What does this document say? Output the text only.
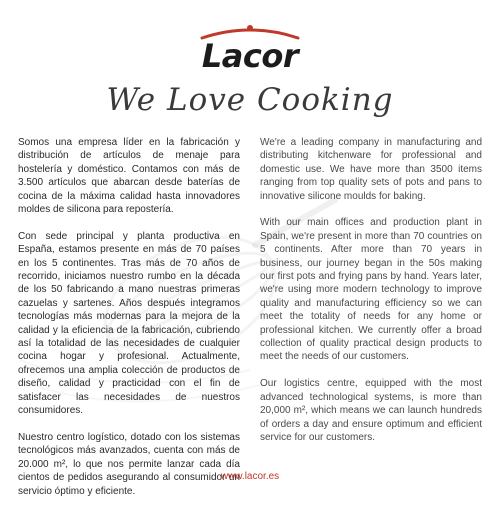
Lacor
We Love Cooking

Somos una empresa líder en la fabricación y distribución de artículos de menaje para hostelería y doméstico. Contamos con más de 3.500 artículos que abarcan desde baterías de cocina de la máxima calidad hasta innovadores moldes de silicona para repostería.

Con sede principal y planta productiva en España, estamos presente en más de 70 países en los 5 continentes. Tras más de 70 años de recorrido, iniciamos nuestro rumbo en la década de los 50 fabricando a mano nuestras primeras cazuelas y sartenes. Años después integramos tecnologías más modernas para la mejora de la calidad y la eficiencia de la fabricación, cubriendo así la totalidad de las necesidades de cualquier cocina hogar y profesional. Actualmente, ofrecemos una amplia colección de productos de diseño, calidad y practicidad con el fin de satisfacer las necesidades de nuestros consumidores.

Nuestro centro logístico, dotado con los sistemas tecnológicos más avanzados, cuenta con más de 20.000 m², lo que nos permite lanzar cada día cientos de pedidos asegurando al consumidor un servicio óptimo y eficiente.

We're a leading company in manufacturing and distributing kitchenware for professional and domestic use. We have more than 3500 items ranging from top quality sets of pots and pans to innovative silicone moulds for baking.

With our main offices and production plant in Spain, we're present in more than 70 countries on 5 continents. After more than 70 years in business, our journey began in the 50s making our first pots and frying pans by hand. Years later, we're using more modern technology to improve quality and manufacturing efficiency so we can meet the totality of needs for any home or professional kitchen. We currently offer a broad collection of quality practical design products to meet the needs of our customers.

Our logistics centre, equipped with the most advanced technological systems, is more than 20,000 m², which means we can launch hundreds of orders a day and ensure optimum and efficient service for our customers.

www.lacor.es
